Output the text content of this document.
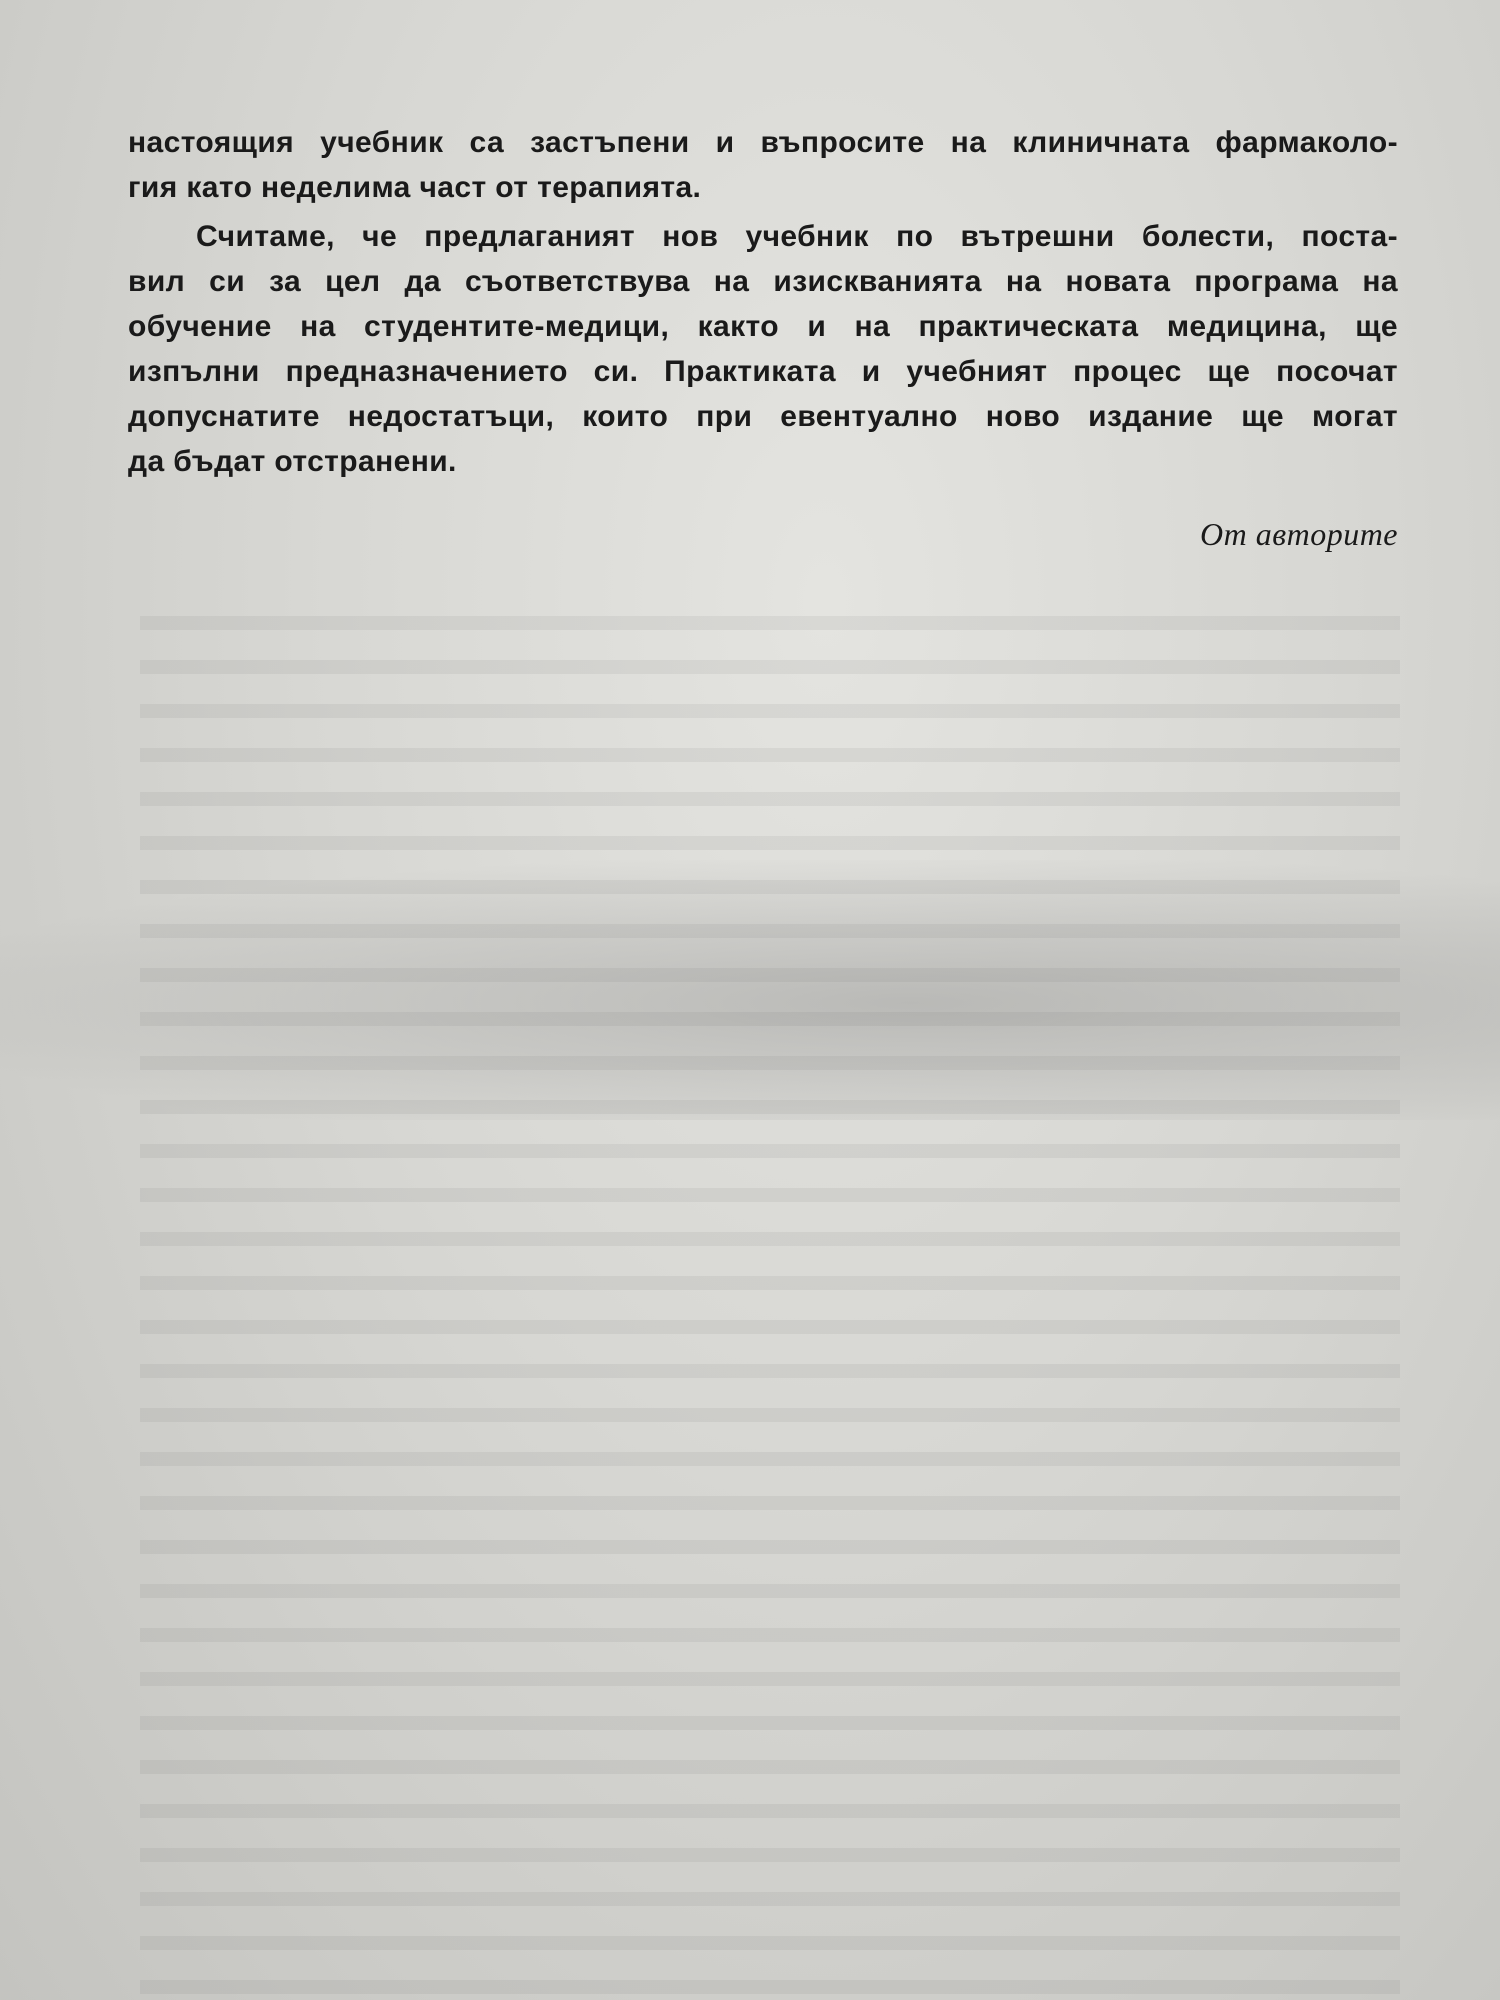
настоящия учебник са застъпени и въпросите на клиничната фармаколо-
гия като неделима част от терапията.
Считаме, че предлаганият нов учебник по вътрешни болести, поста-
вил си за цел да съответствува на изискванията на новата програма на
обучение на студентите-медици, както и на практическата медицина, ще
изпълни предназначението си. Практиката и учебният процес ще посочат
допуснатите недостатъци, които при евентуално ново издание ще могат
да бъдат отстранени.
От авторите
